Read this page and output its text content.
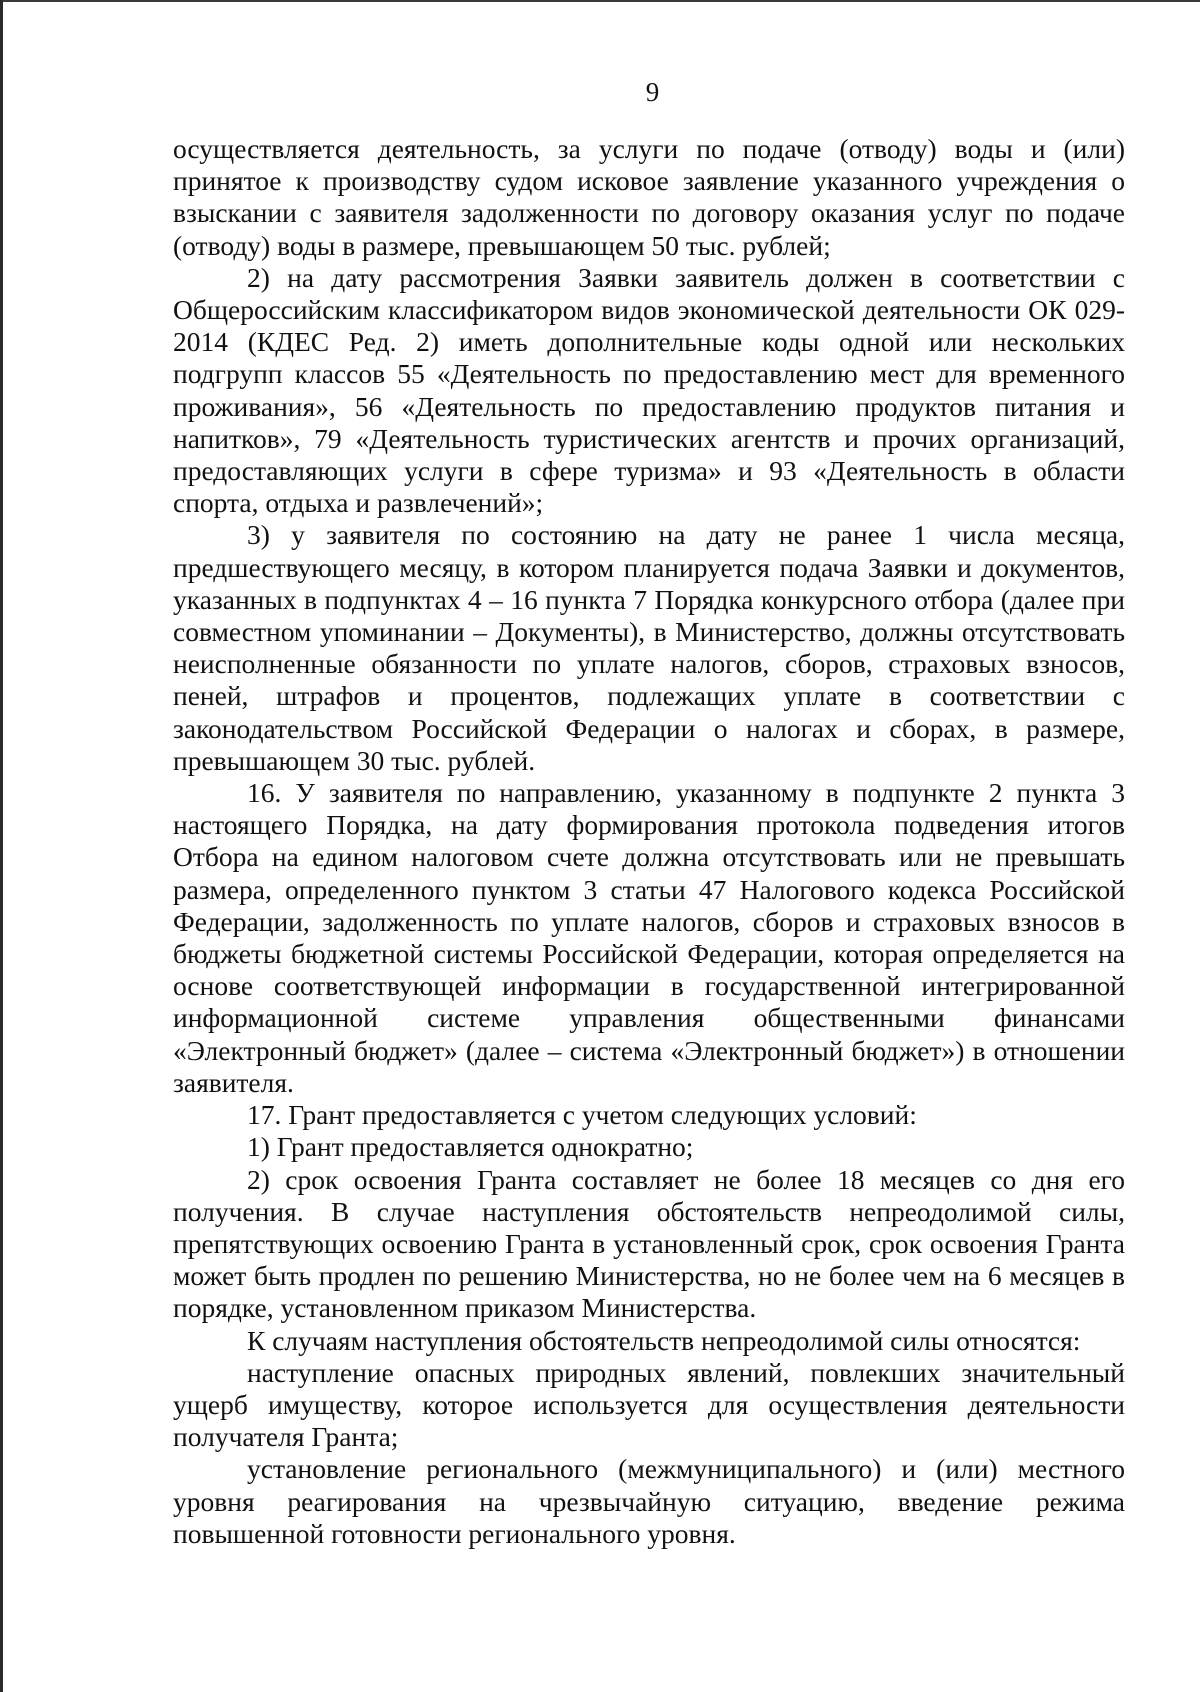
9

осуществляется деятельность, за услуги по подаче (отводу) воды и (или) принятое к производству судом исковое заявление указанного учреждения о взыскании с заявителя задолженности по договору оказания услуг по подаче (отводу) воды в размере, превышающем 50 тыс. рублей;

2) на дату рассмотрения Заявки заявитель должен в соответствии с Общероссийским классификатором видов экономической деятельности ОК 029-2014 (КДЕС Ред. 2) иметь дополнительные коды одной или нескольких подгрупп классов 55 «Деятельность по предоставлению мест для временного проживания», 56 «Деятельность по предоставлению продуктов питания и напитков», 79 «Деятельность туристических агентств и прочих организаций, предоставляющих услуги в сфере туризма» и 93 «Деятельность в области спорта, отдыха и развлечений»;

3) у заявителя по состоянию на дату не ранее 1 числа месяца, предшествующего месяцу, в котором планируется подача Заявки и документов, указанных в подпунктах 4 – 16 пункта 7 Порядка конкурсного отбора (далее при совместном упоминании – Документы), в Министерство, должны отсутствовать неисполненные обязанности по уплате налогов, сборов, страховых взносов, пеней, штрафов и процентов, подлежащих уплате в соответствии с законодательством Российской Федерации о налогах и сборах, в размере, превышающем 30 тыс. рублей.

16. У заявителя по направлению, указанному в подпункте 2 пункта 3 настоящего Порядка, на дату формирования протокола подведения итогов Отбора на едином налоговом счете должна отсутствовать или не превышать размера, определенного пунктом 3 статьи 47 Налогового кодекса Российской Федерации, задолженность по уплате налогов, сборов и страховых взносов в бюджеты бюджетной системы Российской Федерации, которая определяется на основе соответствующей информации в государственной интегрированной информационной системе управления общественными финансами «Электронный бюджет» (далее – система «Электронный бюджет») в отношении заявителя.

17. Грант предоставляется с учетом следующих условий:

1) Грант предоставляется однократно;

2) срок освоения Гранта составляет не более 18 месяцев со дня его получения. В случае наступления обстоятельств непреодолимой силы, препятствующих освоению Гранта в установленный срок, срок освоения Гранта может быть продлен по решению Министерства, но не более чем на 6 месяцев в порядке, установленном приказом Министерства.

К случаям наступления обстоятельств непреодолимой силы относятся:

наступление опасных природных явлений, повлекших значительный ущерб имуществу, которое используется для осуществления деятельности получателя Гранта;

установление регионального (межмуниципального) и (или) местного уровня реагирования на чрезвычайную ситуацию, введение режима повышенной готовности регионального уровня.
